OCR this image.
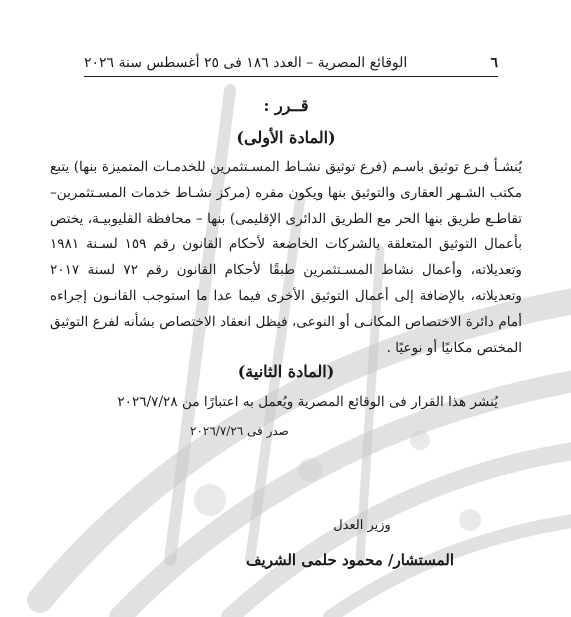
٦
الوقائع المصرية – العدد ١٨٦ فى ٢٥ أغسطس سنة ٢٠٢٦

قــرر :

(المادة الأولى)

يُنشـأ فـرع توثيق باسـم (فرع توثيق نشـاط المسـتثمرين للخدمـات المتميزة بنها) يتبع مكتب الشـهر العقارى والتوثيق بنها ويكون مقره (مركز نشـاط خدمات المسـتثمرين– تقاطـع طريق بنها الحر مع الطريق الدائرى الإقليمى) بنها – محافظة القليوبيـة، يختص بأعمال التوثيق المتعلقة بالشركات الخاضعة لأحكام القانون رقم ١٥٩ لسـنة ١٩٨١ وتعديلاته، وأعمال نشاط المسـتثمرين طبقًا لأحكام القانون رقم ٧٢ لسنة ٢٠١٧ وتعديلاته، بالإضافة إلى أعمال التوثيق الأخرى فيما عدا ما استوجب القانـون إجراءه أمام دائرة الاختصاص المكانـى أو النوعى، فيظل انعقاد الاختصاص بشأنه لفرع التوثيق المختص مكانيًا أو نوعيًا .

(المادة الثانية)

يُنشر هذا القرار فى الوقائع المصرية ويُعمل به اعتبارًا من ٢٠٢٦/٧/٢٨

صدر فى ٢٠٢٦/٧/٢٦

وزير العدل
المستشار/ محمود حلمى الشريف
